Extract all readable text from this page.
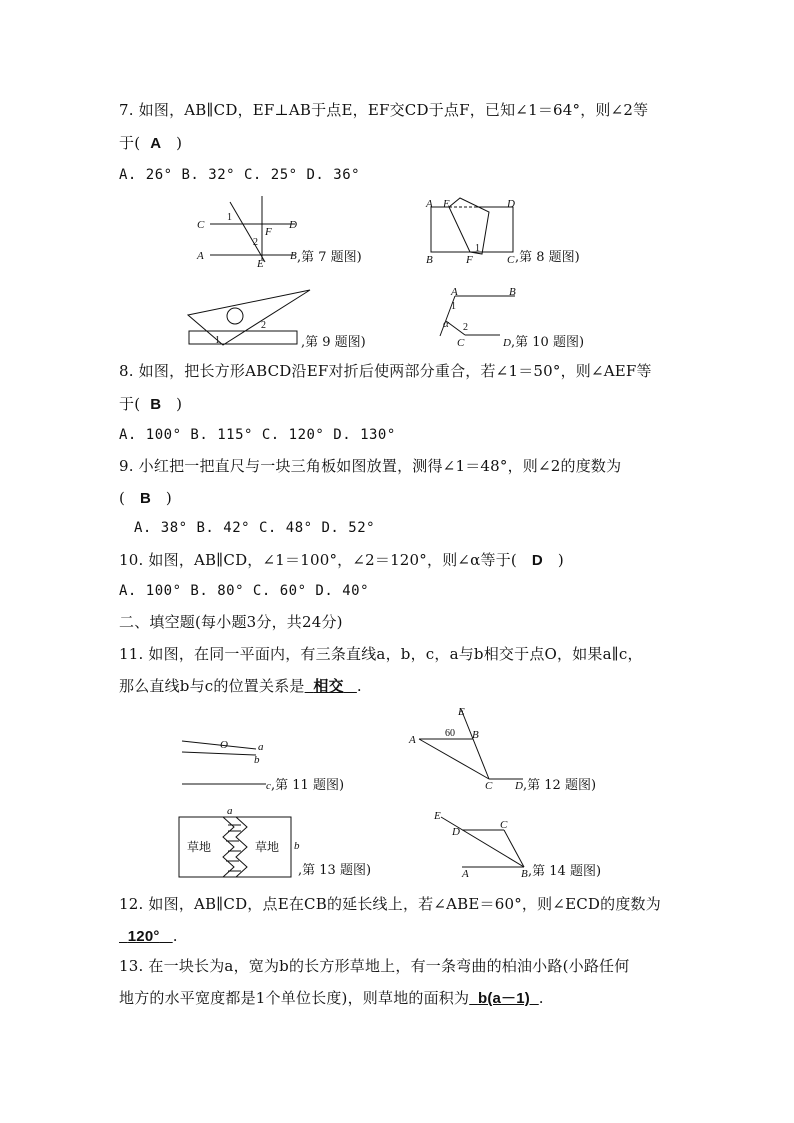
7. 如图，AB∥CD，EF⊥AB于点E，EF交CD于点F，已知∠1＝64°，则∠2等
于( A )
A. 26° B. 32° C. 25° D. 36°
C
1
F
D
2
A
E
B ,第 7 题图)
A E	D
B	F
1
C ,第 8 题图)
1
2
,第 9 题图)
A	B
1
α 2
C	D ,第 10 题图)
8. 如图，把长方形ABCD沿EF对折后使两部分重合，若∠1＝50°，则∠AEF等
于( B )
A. 100° B. 115° C. 120° D. 130°
9. 小红把一把直尺与一块三角板如图放置，测得∠1＝48°，则∠2的度数为
( B )
A. 38° B. 42° C. 48° D. 52°
10. 如图，AB∥CD，∠1＝100°，∠2＝120°，则∠α等于( D )
A. 100° B. 80° C. 60° D. 40°
二、填空题(每小题3分，共24分)
11. 如图，在同一平面内，有三条直线a，b，c，a与b相交于点O，如果a∥c，
那么直线b与c的位置关系是 相交 .
O	a
b
c ,第 11 题图)
E
A
60 B
C D ,第 12 题图)
a
草地	草地 b
,第 13 题图)
E
D
C
A	B ,第 14 题图)
12. 如图，AB∥CD，点E在CB的延长线上，若∠ABE＝60°，则∠ECD的度数为
120° .
13. 在一块长为a，宽为b的长方形草地上，有一条弯曲的柏油小路(小路任何
地方的水平宽度都是1个单位长度)，则草地的面积为 b(a－1) .
